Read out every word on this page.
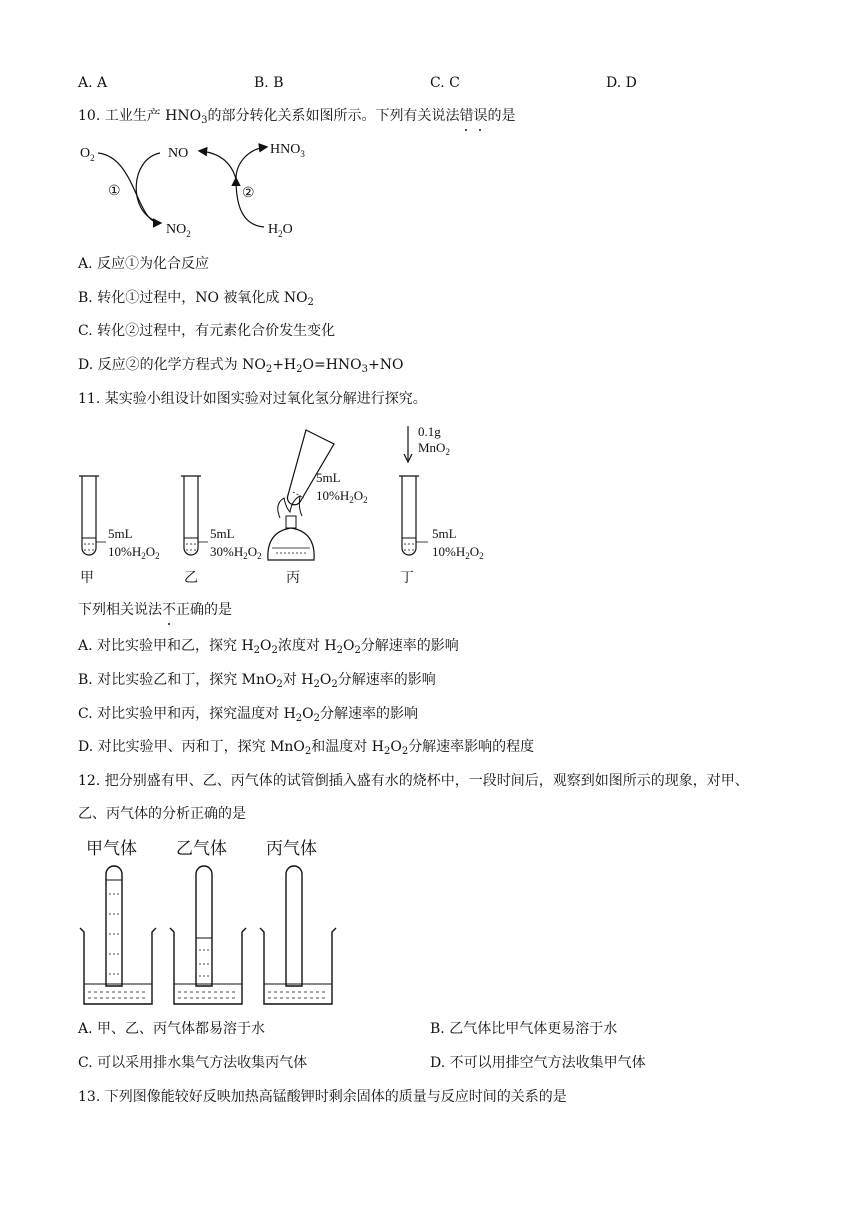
A. A	B. B	C. C	D. D
10. 工业生产 $HNO_3$的部分转化关系如图所示。下列有关说法错误的是
$O_2$	NO	$HNO_3$
$NO_2$	$H_2O$
①	②
A. 反应①为化合反应
B. 转化①过程中，NO 被氧化成 $NO_2$
C. 转化②过程中，有元素化合价发生变化
D. 反应②的化学方程式为 $NO_2+H_2O=HNO_3+NO$
11. 某实验小组设计如图实验对过氧化氢分解进行探究。
5mL
$10\%H_2O_2$
甲
5mL
$30\%H_2O_2$
乙
5mL
$10\%H_2O_2$
丙
0.1g
MnO$_2$
5mL
$10\%H_2O_2$
丁
下列相关说法不正确的是
A. 对比实验甲和乙，探究 $H_2O_2$浓度对 $H_2O_2$分解速率的影响
B. 对比实验乙和丁，探究 MnO$_2$对 $H_2O_2$分解速率的影响
C. 对比实验甲和丙，探究温度对 $H_2O_2$分解速率的影响
D. 对比实验甲、丙和丁，探究 MnO$_2$和温度对 $H_2O_2$分解速率影响的程度
12. 把分别盛有甲、乙、丙气体的试管倒插入盛有水的烧杯中，一段时间后，观察到如图所示的现象，对甲、
乙、丙气体的分析正确的是
甲气体 乙气体 丙气体
A. 甲、乙、丙气体都易溶于水	B. 乙气体比甲气体更易溶于水
C. 可以采用排水集气方法收集丙气体	D. 不可以用排空气方法收集甲气体
13. 下列图像能较好反映加热高锰酸钾时剩余固体的质量与反应时间的关系的是
